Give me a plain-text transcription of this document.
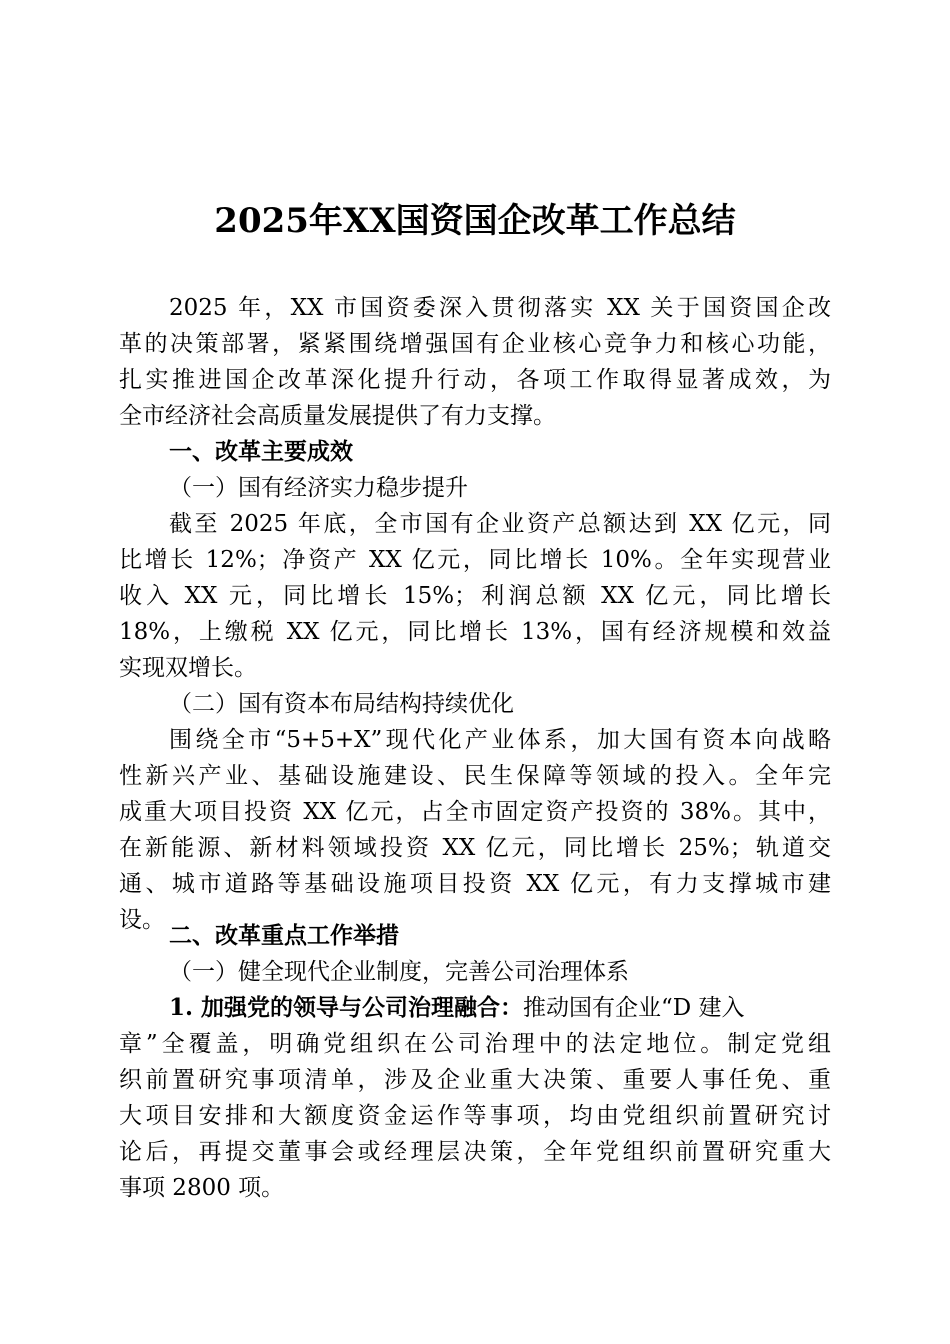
2025年XX国资国企改革工作总结
2025 年，XX 市国资委深入贯彻落实 XX 关于国资国企改
革的决策部署，紧紧围绕增强国有企业核心竞争力和核心功能，
扎实推进国企改革深化提升行动，各项工作取得显著成效，为
全市经济社会高质量发展提供了有力支撑。
一、改革主要成效
（一）国有经济实力稳步提升
截至 2025 年底，全市国有企业资产总额达到 XX 亿元，同
比增长 12%；净资产 XX 亿元，同比增长 10%。全年实现营业
收入 XX 元，同比增长 15%；利润总额 XX 亿元，同比增长
18%，上缴税 XX 亿元，同比增长 13%，国有经济规模和效益
实现双增长。
（二）国有资本布局结构持续优化
围绕全市“5+5+X”现代化产业体系，加大国有资本向战略
性新兴产业、基础设施建设、民生保障等领域的投入。全年完
成重大项目投资 XX 亿元，占全市固定资产投资的 38%。其中，
在新能源、新材料领域投资 XX 亿元，同比增长 25%；轨道交
通、城市道路等基础设施项目投资 XX 亿元，有力支撑城市建
设。
二、改革重点工作举措
（一）健全现代企业制度，完善公司治理体系
1. 加强党的领导与公司治理融合：推动国有企业“D 建入
章”全覆盖，明确党组织在公司治理中的法定地位。制定党组
织前置研究事项清单，涉及企业重大决策、重要人事任免、重
大项目安排和大额度资金运作等事项，均由党组织前置研究讨
论后，再提交董事会或经理层决策，全年党组织前置研究重大
事项 2800 项。
